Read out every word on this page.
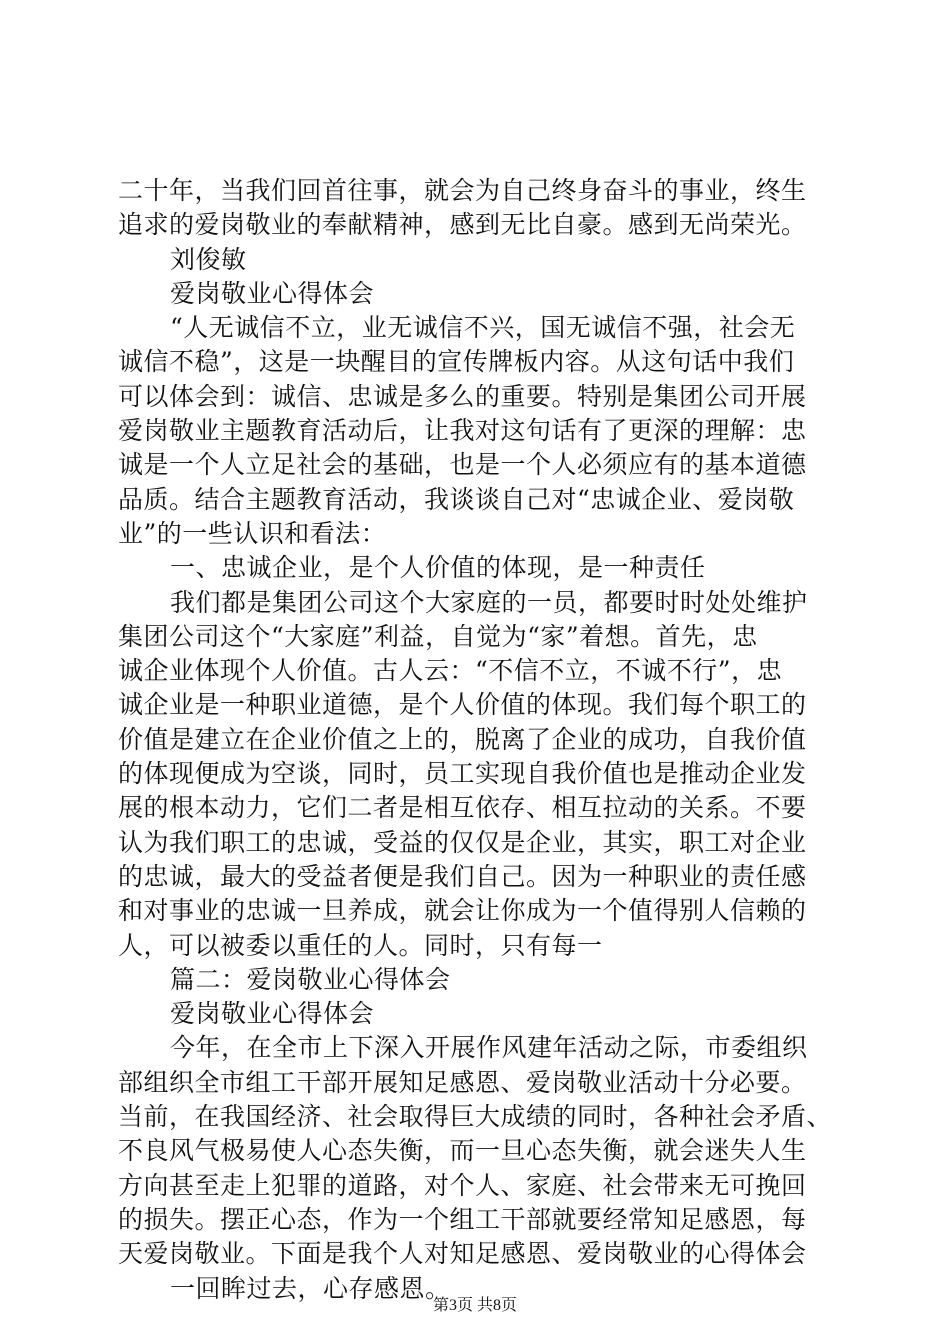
二十年，当我们回首往事，就会为自己终身奋斗的事业，终生
追求的爱岗敬业的奉献精神，感到无比自豪。感到无尚荣光。
刘俊敏
爱岗敬业心得体会
“人无诚信不立，业无诚信不兴，国无诚信不强，社会无
诚信不稳”，这是一块醒目的宣传牌板内容。从这句话中我们
可以体会到：诚信、忠诚是多么的重要。特别是集团公司开展
爱岗敬业主题教育活动后，让我对这句话有了更深的理解：忠
诚是一个人立足社会的基础，也是一个人必须应有的基本道德
品质。结合主题教育活动，我谈谈自己对“忠诚企业、爱岗敬
业”的一些认识和看法：
一、忠诚企业，是个人价值的体现，是一种责任
我们都是集团公司这个大家庭的一员，都要时时处处维护
集团公司这个“大家庭”利益，自觉为“家”着想。首先，忠
诚企业体现个人价值。古人云：“不信不立，不诚不行”，忠
诚企业是一种职业道德，是个人价值的体现。我们每个职工的
价值是建立在企业价值之上的，脱离了企业的成功，自我价值
的体现便成为空谈，同时，员工实现自我价值也是推动企业发
展的根本动力，它们二者是相互依存、相互拉动的关系。不要
认为我们职工的忠诚，受益的仅仅是企业，其实，职工对企业
的忠诚，最大的受益者便是我们自己。因为一种职业的责任感
和对事业的忠诚一旦养成，就会让你成为一个值得别人信赖的
人，可以被委以重任的人。同时，只有每一
篇二：爱岗敬业心得体会
爱岗敬业心得体会
今年，在全市上下深入开展作风建年活动之际，市委组织
部组织全市组工干部开展知足感恩、爱岗敬业活动十分必要。
当前，在我国经济、社会取得巨大成绩的同时，各种社会矛盾、
不良风气极易使人心态失衡，而一旦心态失衡，就会迷失人生
方向甚至走上犯罪的道路，对个人、家庭、社会带来无可挽回
的损失。摆正心态，作为一个组工干部就要经常知足感恩，每
天爱岗敬业。下面是我个人对知足感恩、爱岗敬业的心得体会
一回眸过去，心存感恩。
第3页 共8页
